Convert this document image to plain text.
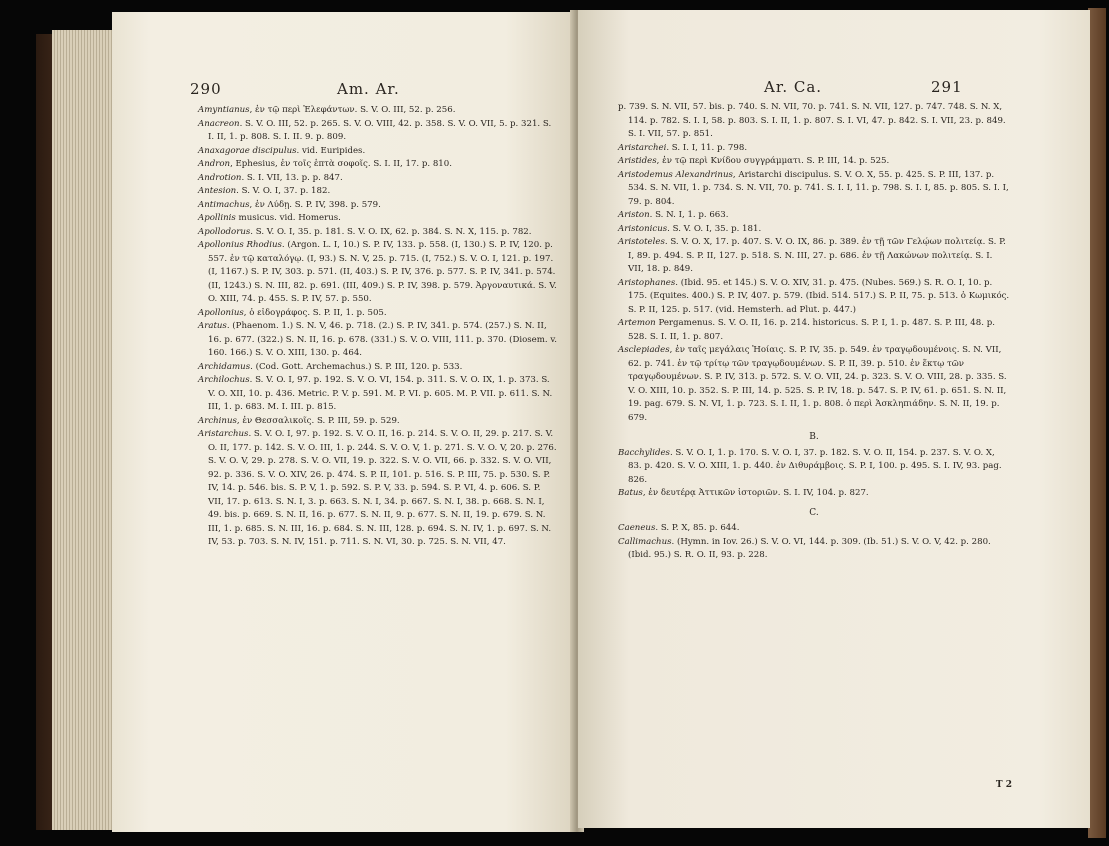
290	Am. Ar.

Amyntianus, ἐν τῷ περὶ Ἐλεφάντων. S. V. O. III, 52. p. 256.

Anacreon. S. V. O. III, 52. p. 265. S. V. O. VIII, 42. p. 358. S. V. O. VII, 5. p. 321. S. I. II, 1. p. 808. S. I. II. 9. p. 809.

Anaxagorae discipulus. vid. Euripides.

Andron, Ephesius, ἐν τοῖς ἑπτὰ σοφοῖς. S. I. II, 17. p. 810.

Androtion. S. I. VII, 13. p. p. 847.

Antesion. S. V. O. I, 37. p. 182.

Antimachus, ἐν Λύδῃ. S. P. IV, 398. p. 579.

Apollinis musicus. vid. Homerus.

Apollodorus. S. V. O. I, 35. p. 181. S. V. O. IX, 62. p. 384. S. N. X, 115. p. 782.

Apollonius Rhodius. (Argon. L. I, 10.) S. P. IV, 133. p. 558. (I, 130.) S. P. IV, 120. p. 557. ἐν τῷ καταλόγῳ. (I, 93.) S. N. V, 25. p. 715. (I, 752.) S. V. O. I, 121. p. 197. (I, 1167.) S. P. IV, 303. p. 571. (II, 403.) S. P. IV, 376. p. 577. S. P. IV, 341. p. 574. (II, 1243.) S. N. III, 82. p. 691. (III, 409.) S. P. IV, 398. p. 579. Ἀργοναυτικά. S. V. O. XIII, 74. p. 455. S. P. IV, 57. p. 550.

Apollonius, ὁ εἰδογράφος. S. P. II, 1. p. 505.

Aratus. (Phaenom. 1.) S. N. V, 46. p. 718. (2.) S. P. IV, 341. p. 574. (257.) S. N. II, 16. p. 677. (322.) S. N. II, 16. p. 678. (331.) S. V. O. VIII, 111. p. 370. (Diosem. v. 160. 166.) S. V. O. XIII, 130. p. 464.

Archidamus. (Cod. Gott. Archemachus.) S. P. III, 120. p. 533.

Archilochus. S. V. O. I, 97. p. 192. S. V. O. VI, 154. p. 311. S. V. O. IX, 1. p. 373. S. V. O. XII, 10. p. 436. Metric. P. V. p. 591. M. P. VI. p. 605. M. P. VII. p. 611. S. N. III, 1. p. 683. M. I. III. p. 815.

Archinus, ἐν Θεσσαλικοῖς. S. P. III, 59. p. 529.

Aristarchus. S. V. O. I, 97. p. 192. S. V. O. II, 16. p. 214. S. V. O. II, 29. p. 217. S. V. O. II, 177. p. 142. S. V. O. III, 1. p. 244. S. V. O. V, 1. p. 271. S. V. O. V, 20. p. 276. S. V. O. V, 29. p. 278. S. V. O. VII, 19. p. 322. S. V. O. VII, 66. p. 332. S. V. O. VII, 92. p. 336. S. V. O. XIV, 26. p. 474. S. P. II, 101. p. 516. S. P. III, 75. p. 530. S. P. IV, 14. p. 546. bis. S. P. V, 1. p. 592. S. P. V, 33. p. 594. S. P. VI, 4. p. 606. S. P. VII, 17. p. 613. S. N. I, 3. p. 663. S. N. I, 34. p. 667. S. N. I, 38. p. 668. S. N. I, 49. bis. p. 669. S. N. II, 16. p. 677. S. N. II, 9. p. 677. S. N. II, 19. p. 679. S. N. III, 1. p. 685. S. N. III, 16. p. 684. S. N. III, 128. p. 694. S. N. IV, 1. p. 697. S. N. IV, 53. p. 703. S. N. IV, 151. p. 711. S. N. VI, 30. p. 725. S. N. VII, 47.

Ar. Ca.	291

p. 739. S. N. VII, 57. bis. p. 740. S. N. VII, 70. p. 741. S. N. VII, 127. p. 747. 748. S. N. X, 114. p. 782. S. I. I, 58. p. 803. S. I. II, 1. p. 807. S. I. VI, 47. p. 842. S. I. VII, 23. p. 849. S. I. VII, 57. p. 851.

Aristarchei. S. I. I, 11. p. 798.

Aristides, ἐν τῷ περὶ Κνίδου συγγράμματι. S. P. III, 14. p. 525.

Aristodemus Alexandrinus, Aristarchi discipulus. S. V. O. X, 55. p. 425. S. P. III, 137. p. 534. S. N. VII, 1. p. 734. S. N. VII, 70. p. 741. S. I. I, 11. p. 798. S. I. I, 85. p. 805. S. I. I, 79. p. 804.

Ariston. S. N. I, 1. p. 663.

Aristonicus. S. V. O. I, 35. p. 181.

Aristoteles. S. V. O. X, 17. p. 407. S. V. O. IX, 86. p. 389. ἐν τῇ τῶν Γελῴων πολιτείᾳ. S. P. I, 89. p. 494. S. P. II, 127. p. 518. S. N. III, 27. p. 686. ἐν τῇ Λακώνων πολιτείᾳ. S. I. VII, 18. p. 849.

Aristophanes. (Ibid. 95. et 145.) S. V. O. XIV, 31. p. 475. (Nubes. 569.) S. R. O. I, 10. p. 175. (Equites. 400.) S. P. IV, 407. p. 579. (Ibid. 514. 517.) S. P. II, 75. p. 513. ὁ Κωμικός. S. P. II, 125. p. 517. (vid. Hemsterh. ad Plut. p. 447.)

Artemon Pergamenus. S. V. O. II, 16. p. 214. historicus. S. P. I, 1. p. 487. S. P. III, 48. p. 528. S. I. II, 1. p. 807.

Asclepiades, ἐν ταῖς μεγάλαις Ἠοίαις. S. P. IV, 35. p. 549. ἐν τραγῳδουμένοις. S. N. VII, 62. p. 741. ἐν τῷ τρίτῳ τῶν τραγῳδουμένων. S. P. II, 39. p. 510. ἐν ἕκτῳ τῶν τραγῳδουμένων. S. P. IV, 313. p. 572. S. V. O. VII, 24. p. 323. S. V. O. VIII, 28. p. 335. S. V. O. XIII, 10. p. 352. S. P. III, 14. p. 525. S. P. IV, 18. p. 547. S. P. IV, 61. p. 651. S. N. II, 19. pag. 679. S. N. VI, 1. p. 723. S. I. II, 1. p. 808. ὁ περὶ Ἀσκληπιάδην. S. N. II, 19. p. 679.

B.

Bacchylides. S. V. O. I, 1. p. 170. S. V. O. I, 37. p. 182. S. V. O. II, 154. p. 237. S. V. O. X, 83. p. 420. S. V. O. XIII, 1. p. 440. ἐν Διθυράμβοις. S. P. I, 100. p. 495. S. I. IV, 93. pag. 826.

Batus, ἐν δευτέρᾳ Ἀττικῶν ἱστοριῶν. S. I. IV, 104. p. 827.

C.

Caeneus. S. P. X, 85. p. 644.

Callimachus. (Hymn. in Iov. 26.) S. V. O. VI, 144. p. 309. (Ib. 51.) S. V. O. V, 42. p. 280. (Ibid. 95.) S. R. O. II, 93. p. 228.

T 2
